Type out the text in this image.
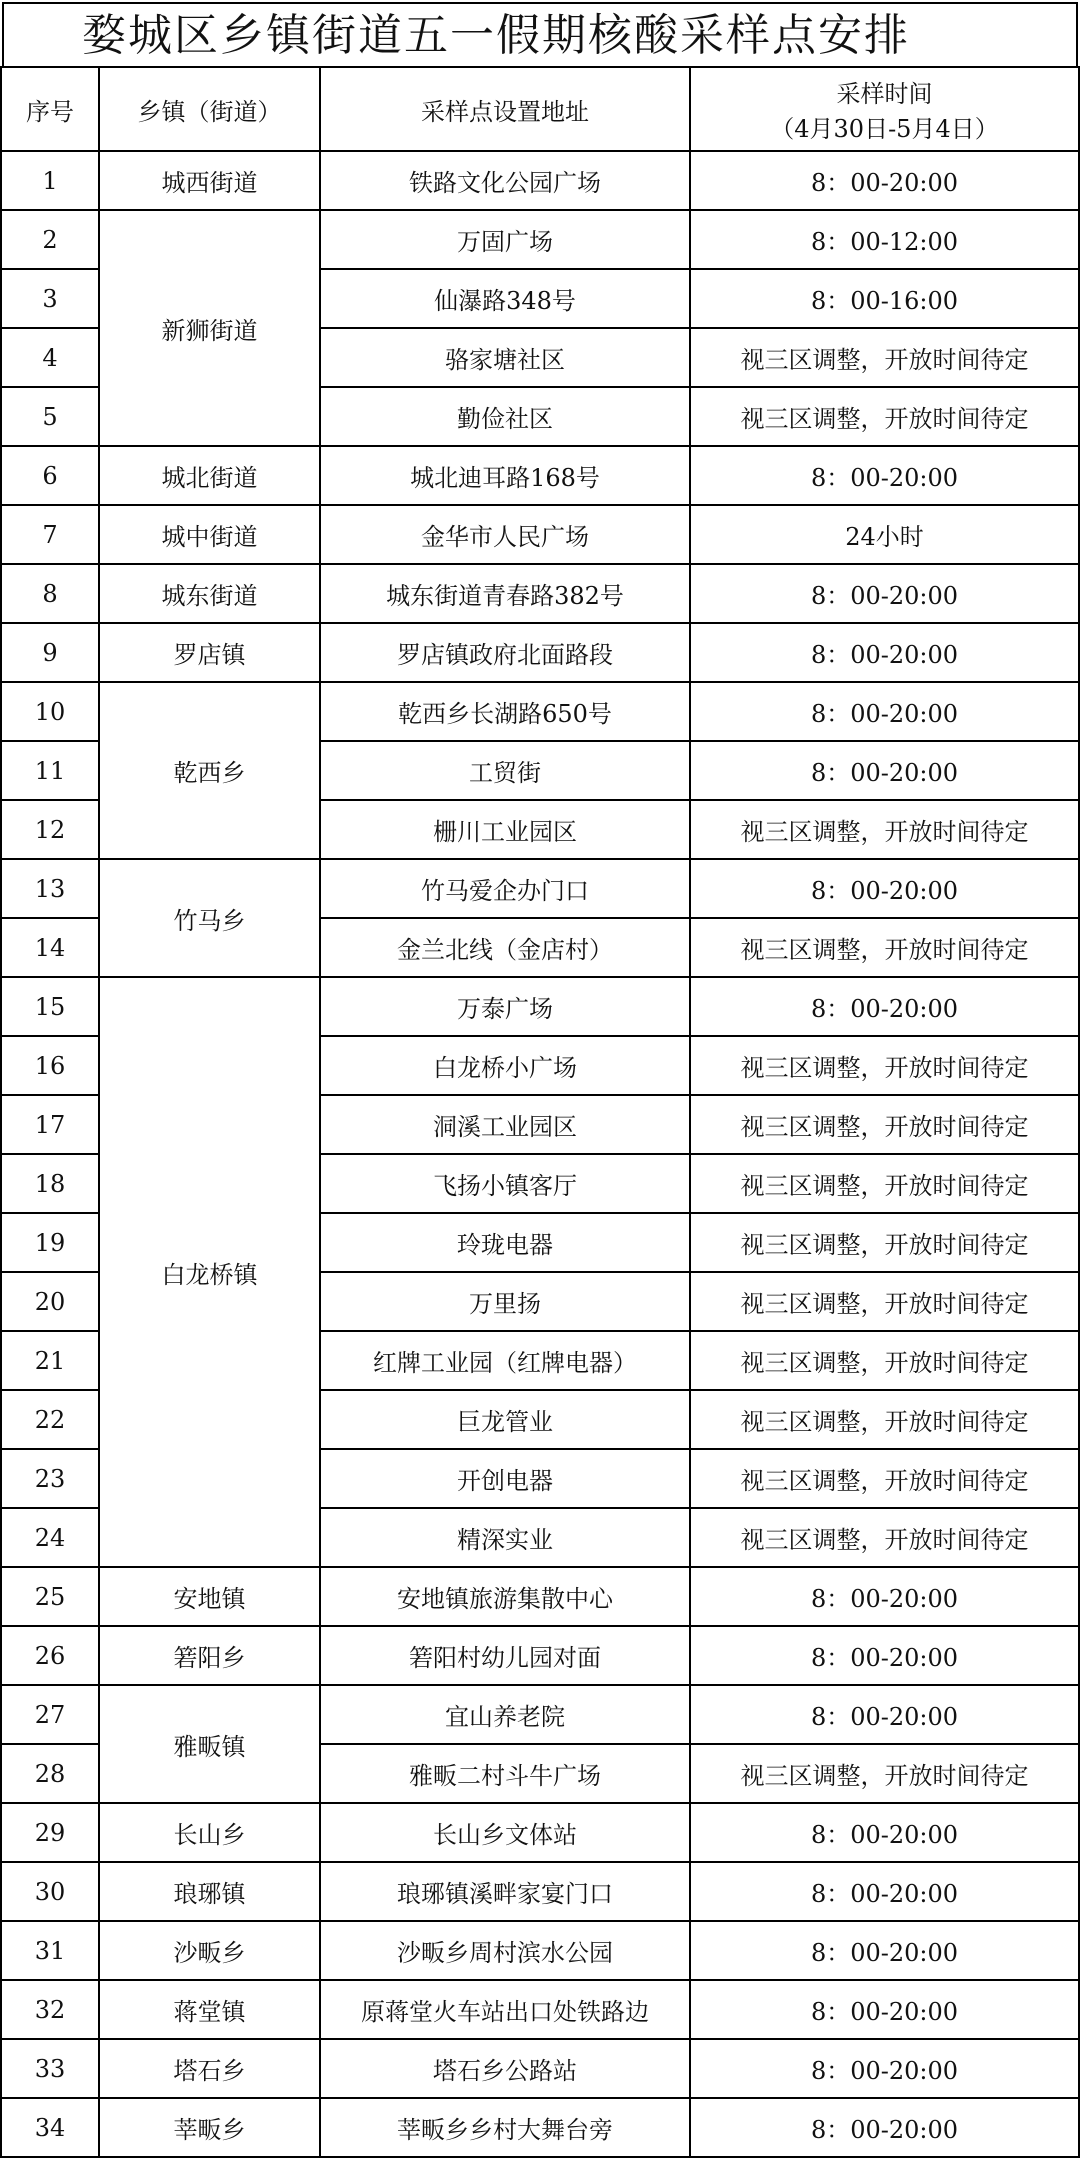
婺城区乡镇街道五一假期核酸采样点安排
序号	乡镇（街道）	采样点设置地址	采样时间
（4月30日-5月4日）

1	城西街道	铁路文化公园广场	8：00-20:00
2	新狮街道	万固广场	8：00-12:00
3		仙瀑路348号	8：00-16:00
4		骆家塘社区	视三区调整，开放时间待定
5		勤俭社区	视三区调整，开放时间待定
6	城北街道	城北迪耳路168号	8：00-20:00
7	城中街道	金华市人民广场	24小时
8	城东街道	城东街道青春路382号	8：00-20:00
9	罗店镇	罗店镇政府北面路段	8：00-20:00
10	乾西乡	乾西乡长湖路650号	8：00-20:00
11		工贸街	8：00-20:00
12		栅川工业园区	视三区调整，开放时间待定
13	竹马乡	竹马爱企办门口	8：00-20:00
14		金兰北线（金店村）	视三区调整，开放时间待定
15	白龙桥镇	万泰广场	8：00-20:00
16		白龙桥小广场	视三区调整，开放时间待定
17		洞溪工业园区	视三区调整，开放时间待定
18		飞扬小镇客厅	视三区调整，开放时间待定
19		玲珑电器	视三区调整，开放时间待定
20		万里扬	视三区调整，开放时间待定
21		红牌工业园（红牌电器）	视三区调整，开放时间待定
22		巨龙管业	视三区调整，开放时间待定
23		开创电器	视三区调整，开放时间待定
24		精深实业	视三区调整，开放时间待定
25	安地镇	安地镇旅游集散中心	8：00-20:00
26	箬阳乡	箬阳村幼儿园对面	8：00-20:00
27	雅畈镇	宜山养老院	8：00-20:00
28		雅畈二村斗牛广场	视三区调整，开放时间待定
29	长山乡	长山乡文体站	8：00-20:00
30	琅琊镇	琅琊镇溪畔家宴门口	8：00-20:00
31	沙畈乡	沙畈乡周村滨水公园	8：00-20:00
32	蒋堂镇	原蒋堂火车站出口处铁路边	8：00-20:00
33	塔石乡	塔石乡公路站	8：00-20:00
34	莘畈乡	莘畈乡乡村大舞台旁	8：00-20:00
